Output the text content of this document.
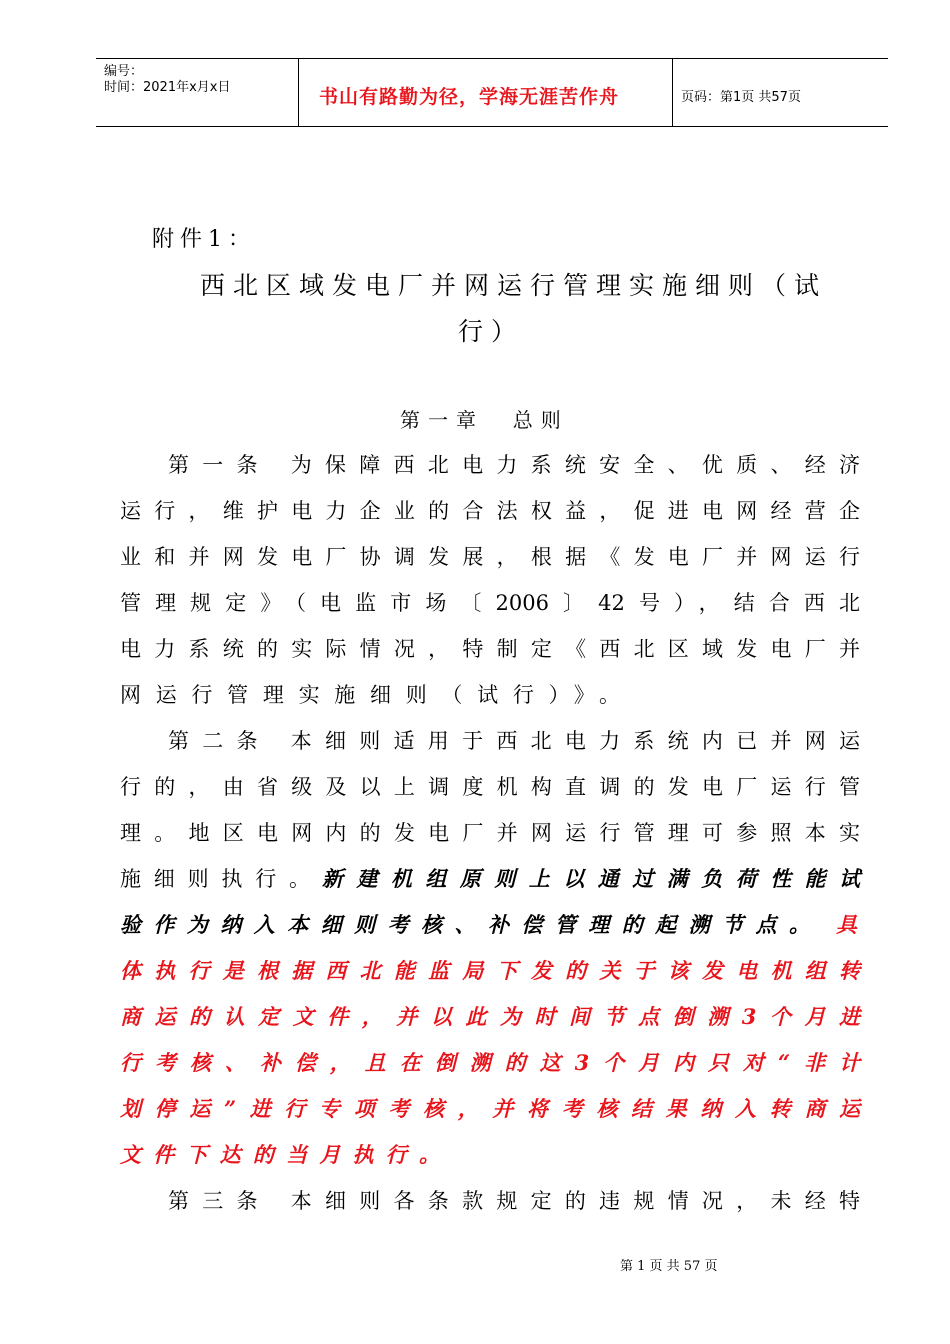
编号：
时间：2021年x月x日	书山有路勤为径，学海无涯苦作舟	页码：第1页 共57页
附件1：
西北区域发电厂并网运行管理实施细则（试
行）
第一章  总则
第一条 为保障西北电力系统安全、优质、经济
运行，维护电力企业的合法权益，促进电网经营企
业和并网发电厂协调发展，根据《发电厂并网运行
管理规定》（电监市场〔2006〕42号），结合西北
电力系统的实际情况，特制定《西北区域发电厂并
网运行管理实施细则（试行）》。
第二条 本细则适用于西北电力系统内已并网运
行的，由省级及以上调度机构直调的发电厂运行管
理。地区电网内的发电厂并网运行管理可参照本实
施细则执行。 新建机组原则上以通过满负荷性能试
验作为纳入本细则考核、补偿管理的起溯节点。 具
体执行是根据西北能监局下发的关于该发电机组转
商运的认定文件，并以此为时间节点倒溯3个月进
行考核、补偿，且在倒溯的这3个月内只对“非计
划停运”进行专项考核，并将考核结果纳入转商运
文件下达的当月执行。
第三条 本细则各条款规定的违规情况，未经特
第 1 页 共 57 页
